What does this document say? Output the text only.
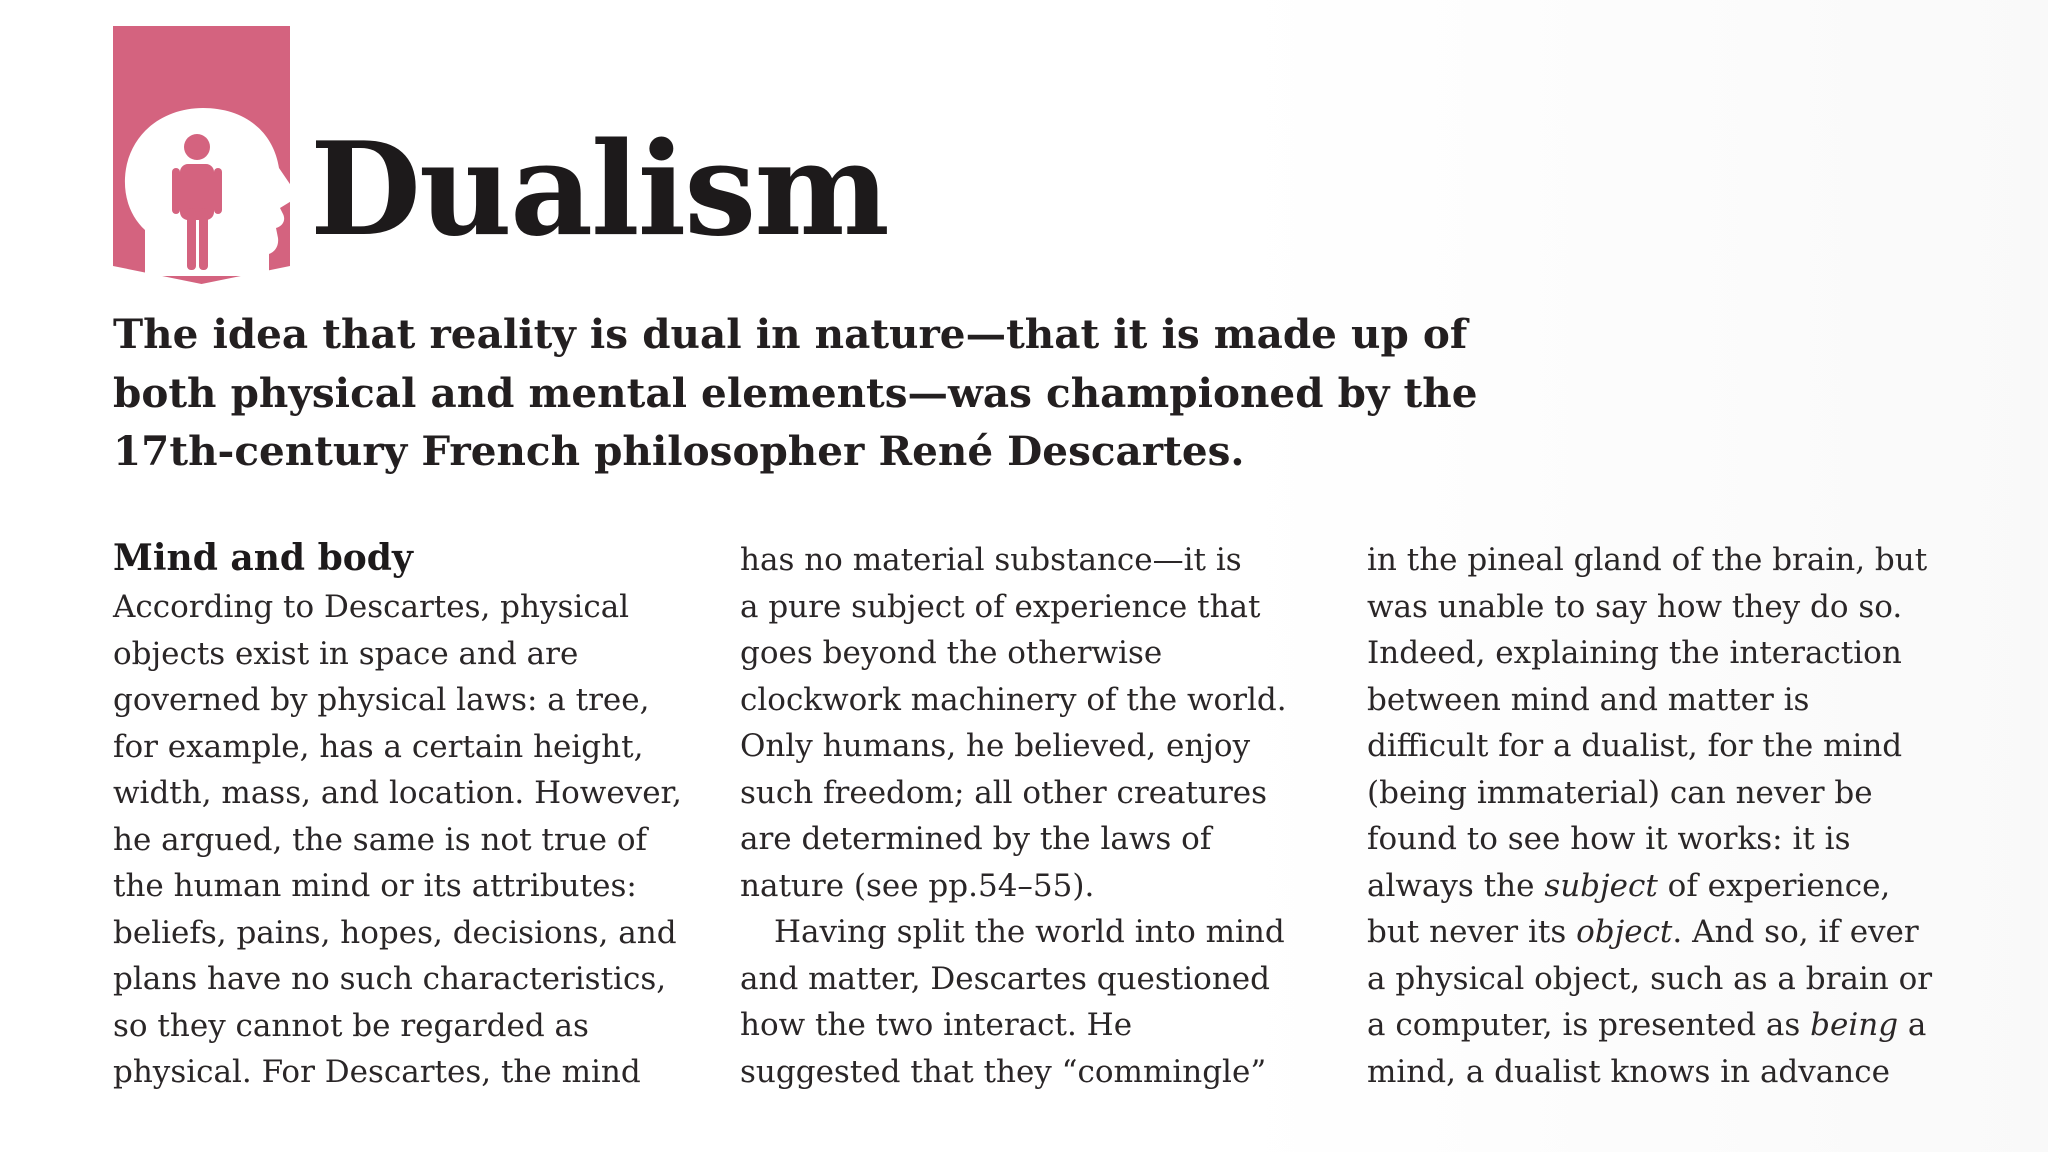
Dualism

The idea that reality is dual in nature—that it is made up of
both physical and mental elements—was championed by the
17th-century French philosopher René Descartes.

Mind and body
According to Descartes, physical
objects exist in space and are
governed by physical laws: a tree,
for example, has a certain height,
width, mass, and location. However,
he argued, the same is not true of
the human mind or its attributes:
beliefs, pains, hopes, decisions, and
plans have no such characteristics,
so they cannot be regarded as
physical. For Descartes, the mind
has no material substance—it is
a pure subject of experience that
goes beyond the otherwise
clockwork machinery of the world.
Only humans, he believed, enjoy
such freedom; all other creatures
are determined by the laws of
nature (see pp.54–55).
Having split the world into mind
and matter, Descartes questioned
how the two interact. He
suggested that they “commingle”
in the pineal gland of the brain, but
was unable to say how they do so.
Indeed, explaining the interaction
between mind and matter is
difficult for a dualist, for the mind
(being immaterial) can never be
found to see how it works: it is
always the subject of experience,
but never its object. And so, if ever
a physical object, such as a brain or
a computer, is presented as being a
mind, a dualist knows in advance
